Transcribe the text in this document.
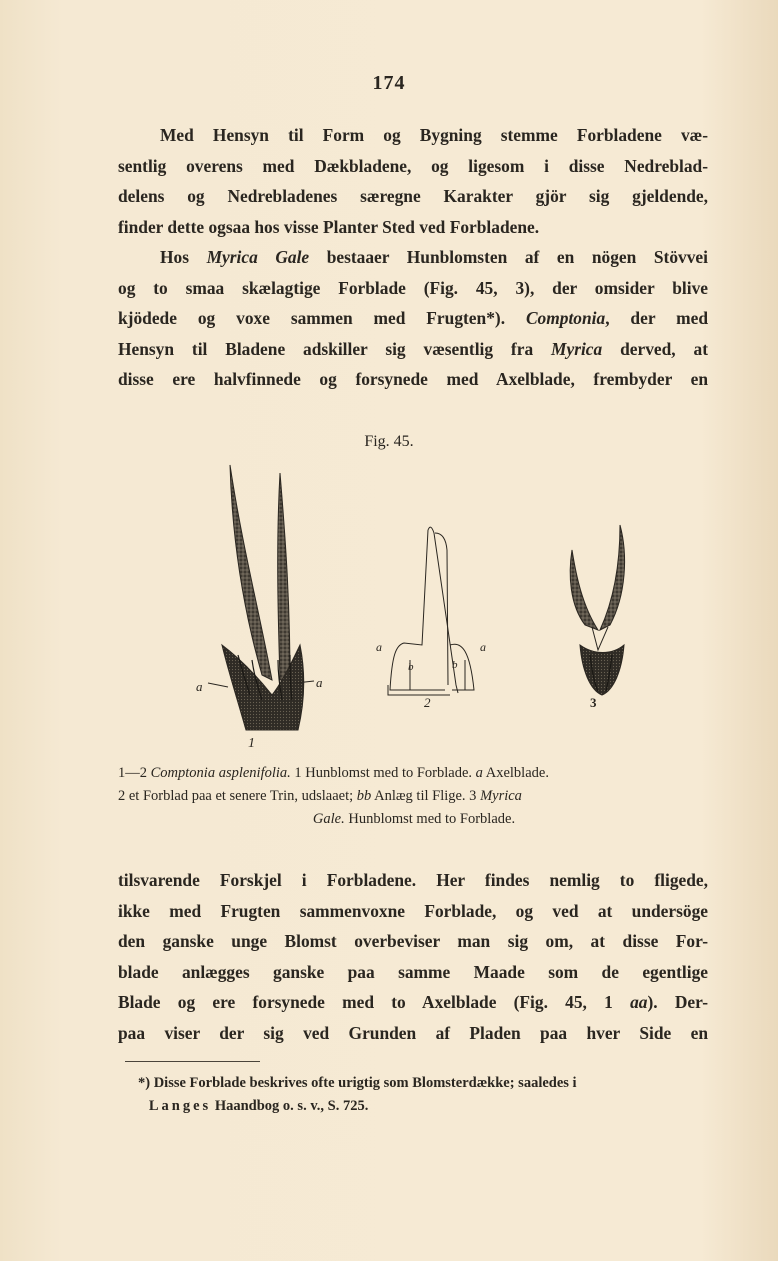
174

Med Hensyn til Form og Bygning stemme Forbladene væ-
sentlig overens med Dækbladene, og ligesom i disse Nedreblad-
delens og Nedrebladenes særegne Karakter gjör sig gjeldende,
finder dette ogsaa hos visse Planter Sted ved Forbladene.

Hos Myrica Gale bestaaer Hunblomsten af en nögen Stövvei
og to smaa skælagtige Forblade (Fig. 45, 3), der omsider blive
kjödede og voxe sammen med Frugten*). Comptonia, der med
Hensyn til Bladene adskiller sig væsentlig fra Myrica derved, at
disse ere halvfinnede og forsynede med Axelblade, frembyder en

Fig. 45.
a	a
1
a	a
b	b
2	3
1—2 Comptonia asplenifolia. 1 Hunblomst med to Forblade. a Axelblade.
2 et Forblad paa et senere Trin, udslaaet; bb Anlæg til Flige. 3 Myrica
Gale. Hunblomst med to Forblade.

tilsvarende Forskjel i Forbladene. Her findes nemlig to fligede,
ikke med Frugten sammenvoxne Forblade, og ved at undersöge
den ganske unge Blomst overbeviser man sig om, at disse For-
blade anlægges ganske paa samme Maade som de egentlige
Blade og ere forsynede med to Axelblade (Fig. 45, 1 aa). Der-
paa viser der sig ved Grunden af Pladen paa hver Side en

*) Disse Forblade beskrives ofte urigtig som Blomsterdække; saaledes i
Langes Haandbog o. s. v., S. 725.
